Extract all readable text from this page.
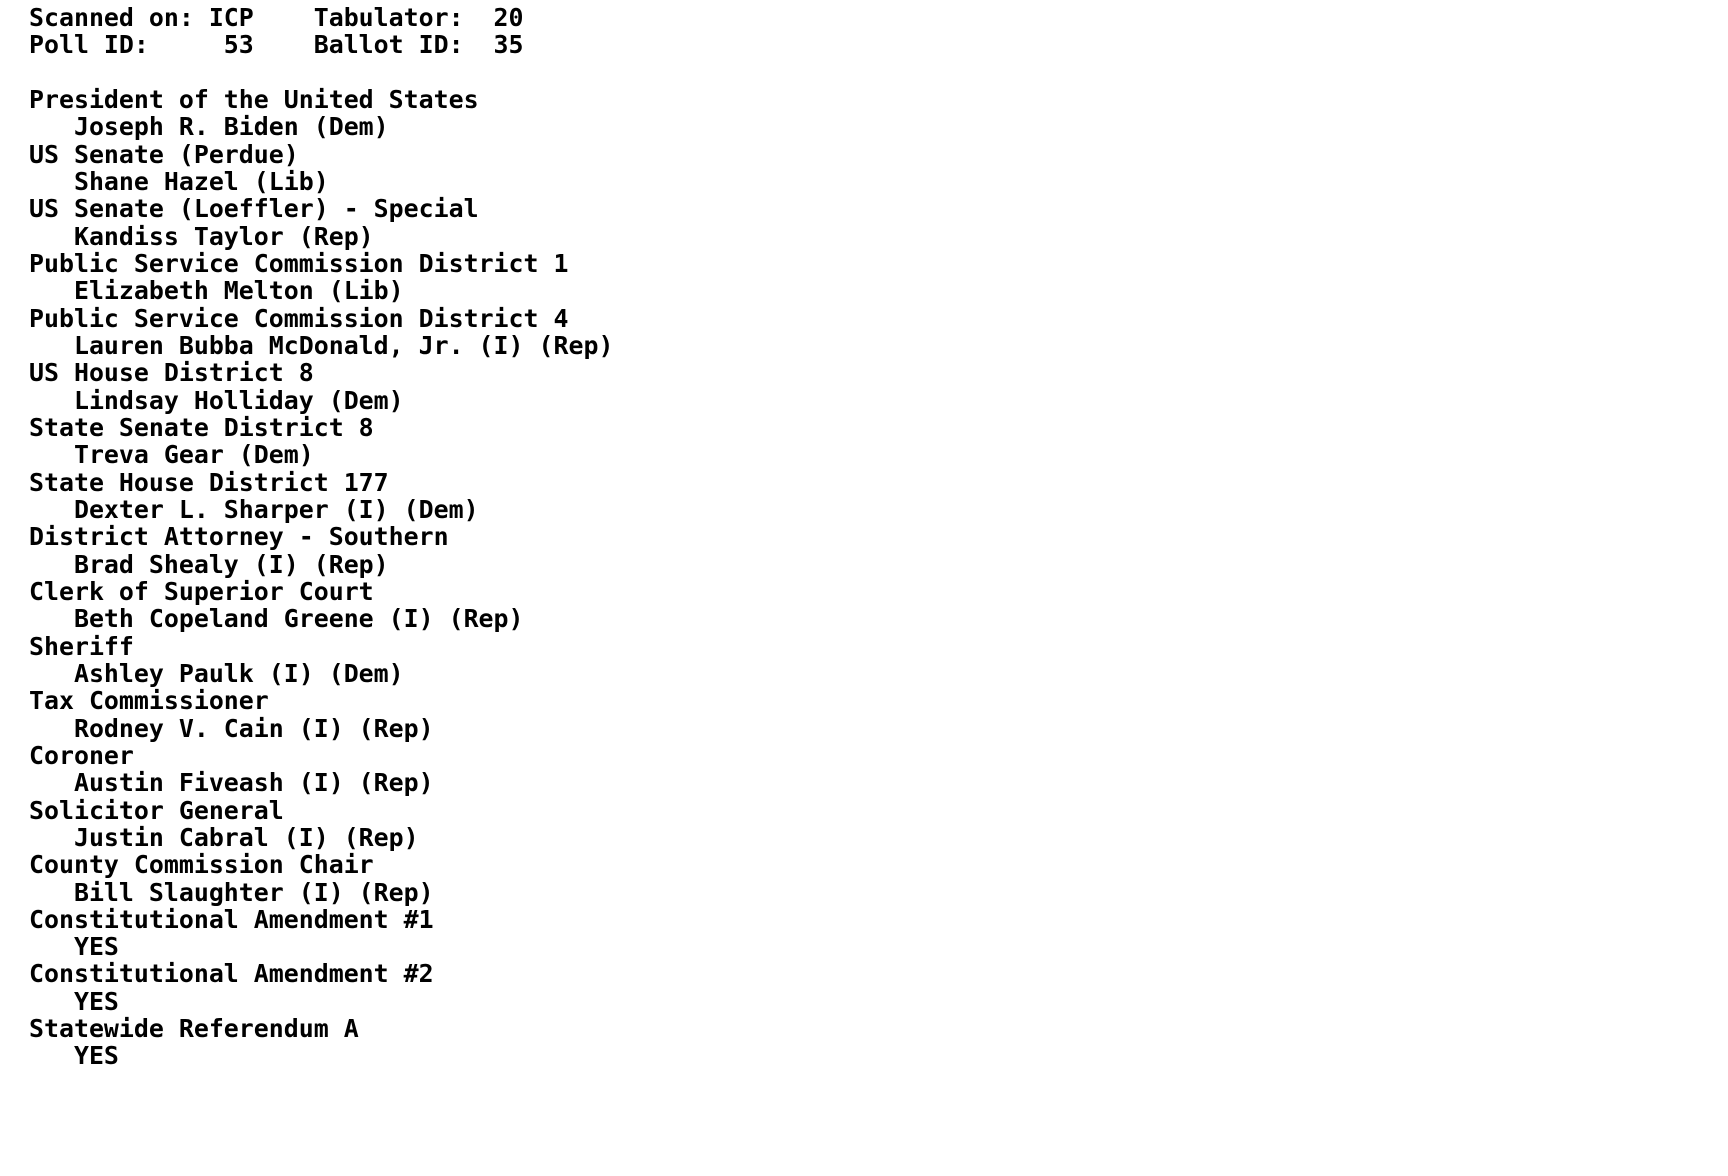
Scanned on:

ICP

Tabulator:

20

Poll ID:

	53

Ballot ID:

35

President of the United States
Joseph R. Biden (Dem)
US Senate (Perdue)
Shane Hazel (Lib)
US Senate (Loeffler) - Special
Kandiss Taylor (Rep)
Public Service Commission District 1
Elizabeth Melton (Lib)
Public Service Commission District 4
Lauren Bubba McDonald, Jr. (I) (Rep)
US House District 8
Lindsay Holliday (Dem)
State Senate District 8
Treva Gear (Dem)
State House District 177
Dexter L. Sharper (I) (Dem)
District Attorney - Southern
Brad Shealy (I) (Rep)
Clerk of Superior Court
Beth Copeland Greene (I) (Rep)
Sheriff
Ashley Paulk (I) (Dem)
Tax Commissioner
Rodney V. Cain (I) (Rep)
Coroner
Austin Fiveash (I) (Rep)
Solicitor General
Justin Cabral (I) (Rep)
County Commission Chair
Bill Slaughter (I) (Rep)
Constitutional Amendment #1
YES
Constitutional Amendment #2
YES
Statewide Referendum A
YES
